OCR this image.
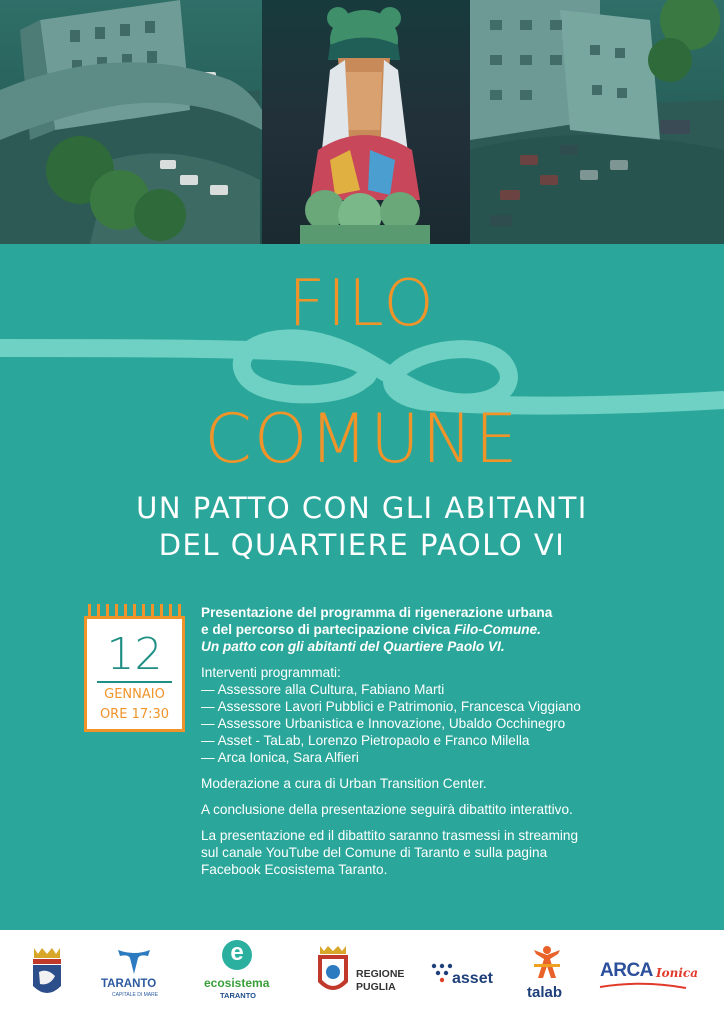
FILO
COMUNE
UN PATTO CON GLI ABITANTI
DEL QUARTIERE PAOLO VI
12
GENNAIO
ORE 17:30
Presentazione del programma di rigenerazione urbana
e del percorso di partecipazione civica Filo-Comune.
Un patto con gli abitanti del Quartiere Paolo VI.
Interventi programmati:
— Assessore alla Cultura, Fabiano Marti
— Assessore Lavori Pubblici e Patrimonio, Francesca Viggiano
— Assessore Urbanistica e Innovazione, Ubaldo Occhinegro
— Asset - TaLab, Lorenzo Pietropaolo e Franco Milella
— Arca Ionica, Sara Alfieri
Moderazione a cura di Urban Transition Center.
A conclusione della presentazione seguirà dibattito interattivo.
La presentazione ed il dibattito saranno trasmessi in streaming
sul canale YouTube del Comune di Taranto e sulla pagina
Facebook Ecosistema Taranto.
TARANTO
CAPITALE DI MARE
e
ecosistema
TARANTO
REGIONE
PUGLIA	asset
talab
ARCA Ionica
